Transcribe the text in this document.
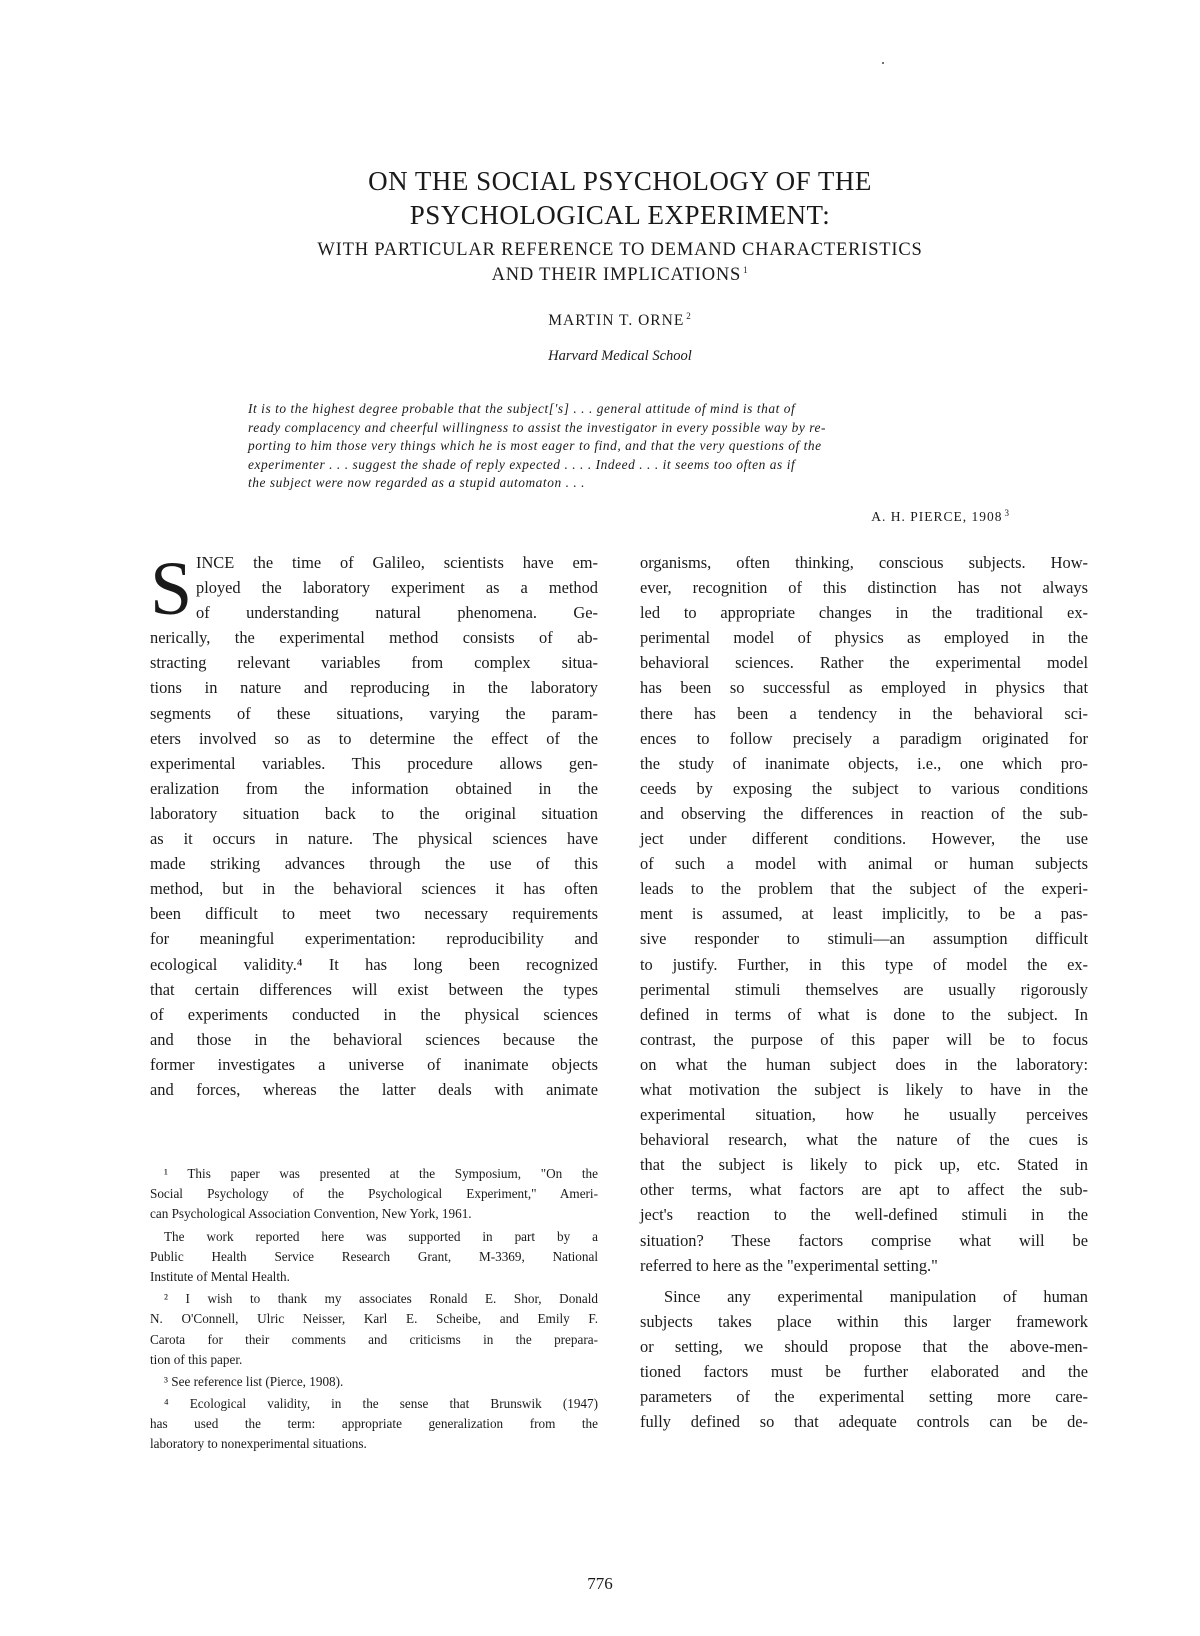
ON THE SOCIAL PSYCHOLOGY OF THE
PSYCHOLOGICAL EXPERIMENT:
WITH PARTICULAR REFERENCE TO DEMAND CHARACTERISTICS
AND THEIR IMPLICATIONS $^1$
MARTIN T. ORNE $^2$
Harvard Medical School
It is to the highest degree probable that the subject['s] . . . general attitude of mind is that of
ready complacency and cheerful willingness to assist the investigator in every possible way by re-
porting to him those very things which he is most eager to find, and that the very questions of the
experimenter . . . suggest the shade of reply expected . . . . Indeed . . . it seems too often as if
the subject were now regarded as a stupid automaton . . .
A. H. PIERCE, 1908 $^3$
S INCE the time of Galileo, scientists have em-
ployed the laboratory experiment as a method
of understanding natural phenomena. Ge-
nerically, the experimental method consists of ab-
stracting relevant variables from complex situa-
tions in nature and reproducing in the laboratory
segments of these situations, varying the param-
eters involved so as to determine the effect of the
experimental variables. This procedure allows gen-
eralization from the information obtained in the
laboratory situation back to the original situation
as it occurs in nature. The physical sciences have
made striking advances through the use of this
method, but in the behavioral sciences it has often
been difficult to meet two necessary requirements
for meaningful experimentation: reproducibility and
ecological validity.⁴ It has long been recognized
that certain differences will exist between the types
of experiments conducted in the physical sciences
and those in the behavioral sciences because the
former investigates a universe of inanimate objects
and forces, whereas the latter deals with animate
¹ This paper was presented at the Symposium, "On the
Social Psychology of the Psychological Experiment," Ameri-
can Psychological Association Convention, New York, 1961.
The work reported here was supported in part by a
Public Health Service Research Grant, M-3369, National
Institute of Mental Health.
² I wish to thank my associates Ronald E. Shor, Donald
N. O'Connell, Ulric Neisser, Karl E. Scheibe, and Emily F.
Carota for their comments and criticisms in the prepara-
tion of this paper.
³ See reference list (Pierce, 1908).
⁴ Ecological validity, in the sense that Brunswik (1947)
has used the term: appropriate generalization from the
laboratory to nonexperimental situations.
organisms, often thinking, conscious subjects. How-
ever, recognition of this distinction has not always
led to appropriate changes in the traditional ex-
perimental model of physics as employed in the
behavioral sciences. Rather the experimental model
has been so successful as employed in physics that
there has been a tendency in the behavioral sci-
ences to follow precisely a paradigm originated for
the study of inanimate objects, i.e., one which pro-
ceeds by exposing the subject to various conditions
and observing the differences in reaction of the sub-
ject under different conditions. However, the use
of such a model with animal or human subjects
leads to the problem that the subject of the experi-
ment is assumed, at least implicitly, to be a pas-
sive responder to stimuli—an assumption difficult
to justify. Further, in this type of model the ex-
perimental stimuli themselves are usually rigorously
defined in terms of what is done to the subject. In
contrast, the purpose of this paper will be to focus
on what the human subject does in the laboratory:
what motivation the subject is likely to have in the
experimental situation, how he usually perceives
behavioral research, what the nature of the cues is
that the subject is likely to pick up, etc. Stated in
other terms, what factors are apt to affect the sub-
ject's reaction to the well-defined stimuli in the
situation? These factors comprise what will be
referred to here as the "experimental setting."
Since any experimental manipulation of human
subjects takes place within this larger framework
or setting, we should propose that the above-men-
tioned factors must be further elaborated and the
parameters of the experimental setting more care-
fully defined so that adequate controls can be de-
776
